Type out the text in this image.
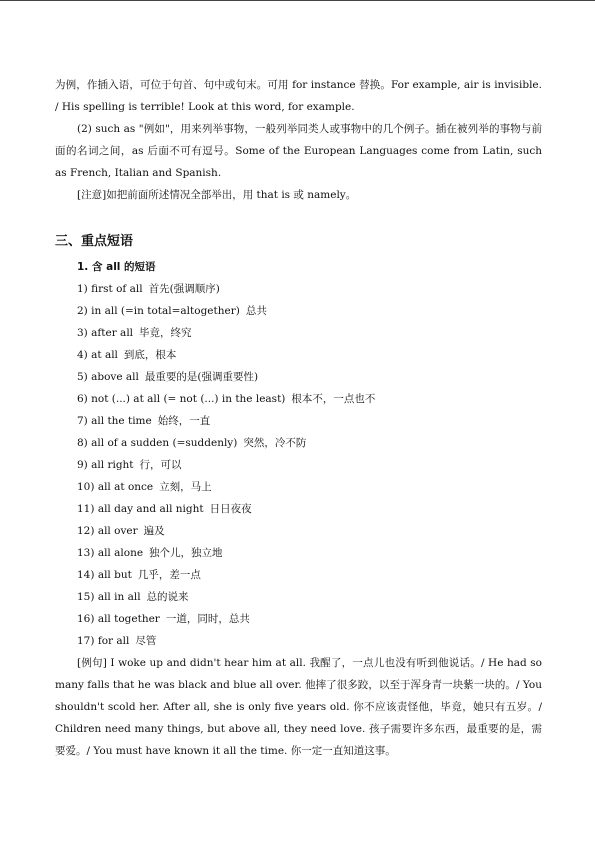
为例，作插入语，可位于句首、句中或句末。可用 for instance 替换。For example, air is invisible. / His spelling is terrible! Look at this word, for example.

(2) such as "例如"，用来列举事物，一般列举同类人或事物中的几个例子。插在被列举的事物与前面的名词之间，as 后面不可有逗号。Some of the European Languages come from Latin, such as French, Italian and Spanish.

[注意]如把前面所述情况全部举出，用 that is 或 namely。

三、重点短语
1. 含 all 的短语
1) first of all 首先(强调顺序)
2) in all (=in total=altogether) 总共
3) after all 毕竟，终究
4) at all 到底，根本
5) above all 最重要的是(强调重要性)
6) not (...) at all (= not (...) in the least) 根本不，一点也不
7) all the time 始终，一直
8) all of a sudden (=suddenly) 突然，冷不防
9) all right 行，可以
10) all at once 立刻，马上
11) all day and all night 日日夜夜
12) all over 遍及
13) all alone 独个儿，独立地
14) all but 几乎，差一点
15) all in all 总的说来
16) all together 一道，同时，总共
17) for all 尽管

[例句] I woke up and didn't hear him at all. 我醒了，一点儿也没有听到他说话。/ He had so many falls that he was black and blue all over. 他摔了很多跤，以至于浑身青一块紫一块的。/ You shouldn't scold her. After all, she is only five years old. 你不应该责怪他，毕竟，她只有五岁。/ Children need many things, but above all, they need love. 孩子需要许多东西，最重要的是，需要爱。/ You must have known it all the time. 你一定一直知道这事。
